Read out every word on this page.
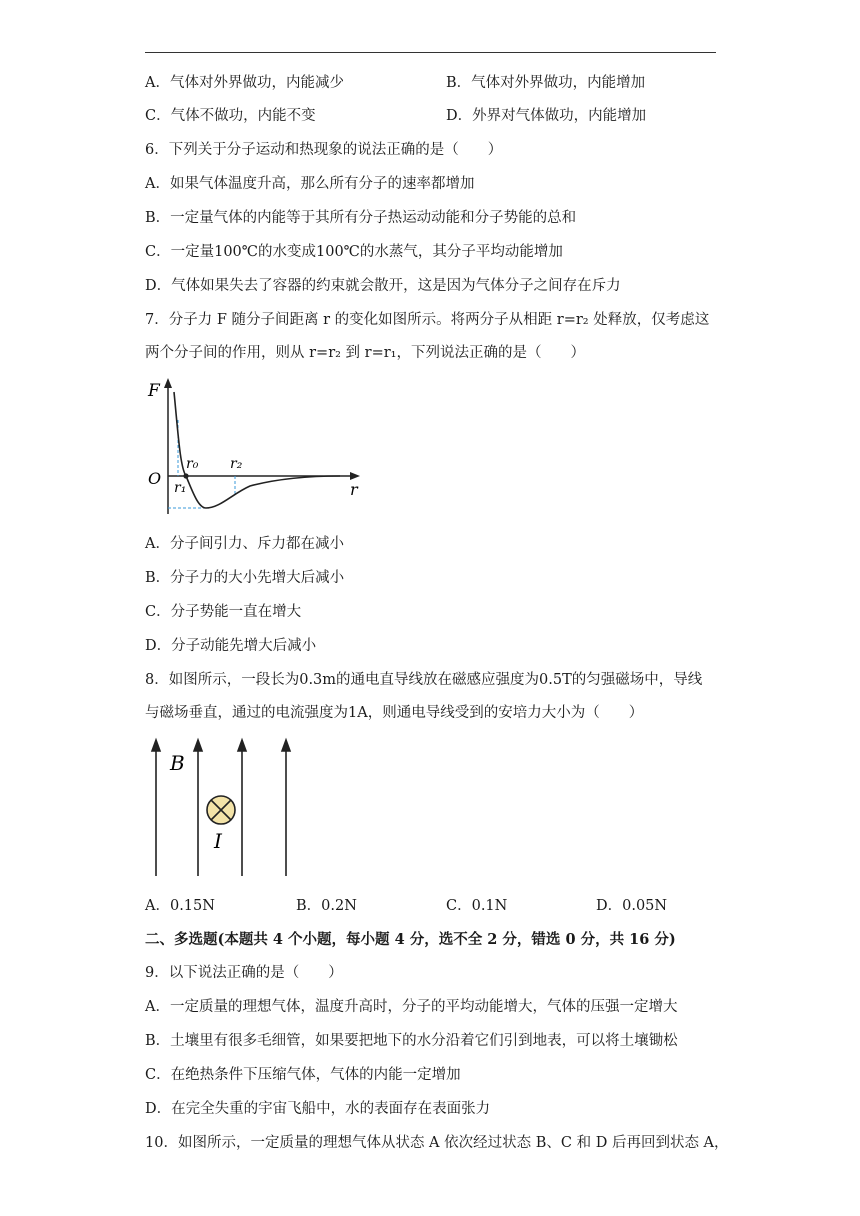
A．气体对外界做功，内能减少	B．气体对外界做功，内能增加
C．气体不做功，内能不变	D．外界对气体做功，内能增加
6．下列关于分子运动和热现象的说法正确的是（　　）
A．如果气体温度升高，那么所有分子的速率都增加
B．一定量气体的内能等于其所有分子热运动动能和分子势能的总和
C．一定量100℃的水变成100℃的水蒸气，其分子平均动能增加
D．气体如果失去了容器的约束就会散开，这是因为气体分子之间存在斥力
7．分子力 F 随分子间距离 r 的变化如图所示。将两分子从相距 r=r₂ 处释放，仅考虑这
两个分子间的作用，则从 r=r₂ 到 r=r₁，下列说法正确的是（　　）
F
O
r
r₀
r₁
r₂
A．分子间引力、斥力都在减小
B．分子力的大小先增大后减小
C．分子势能一直在增大
D．分子动能先增大后减小
8．如图所示，一段长为0.3m的通电直导线放在磁感应强度为0.5T的匀强磁场中，导线
与磁场垂直，通过的电流强度为1A，则通电导线受到的安培力大小为（　　）
B
I
A．0.15N	B．0.2N	C．0.1N	D．0.05N
二、多选题(本题共 4 个小题，每小题 4 分，选不全 2 分，错选 0 分，共 16 分)
9．以下说法正确的是（　　）
A．一定质量的理想气体，温度升高时，分子的平均动能增大，气体的压强一定增大
B．土壤里有很多毛细管，如果要把地下的水分沿着它们引到地表，可以将土壤锄松
C．在绝热条件下压缩气体，气体的内能一定增加
D．在完全失重的宇宙飞船中，水的表面存在表面张力
10．如图所示，一定质量的理想气体从状态 A 依次经过状态 B、C 和 D 后再回到状态 A，
